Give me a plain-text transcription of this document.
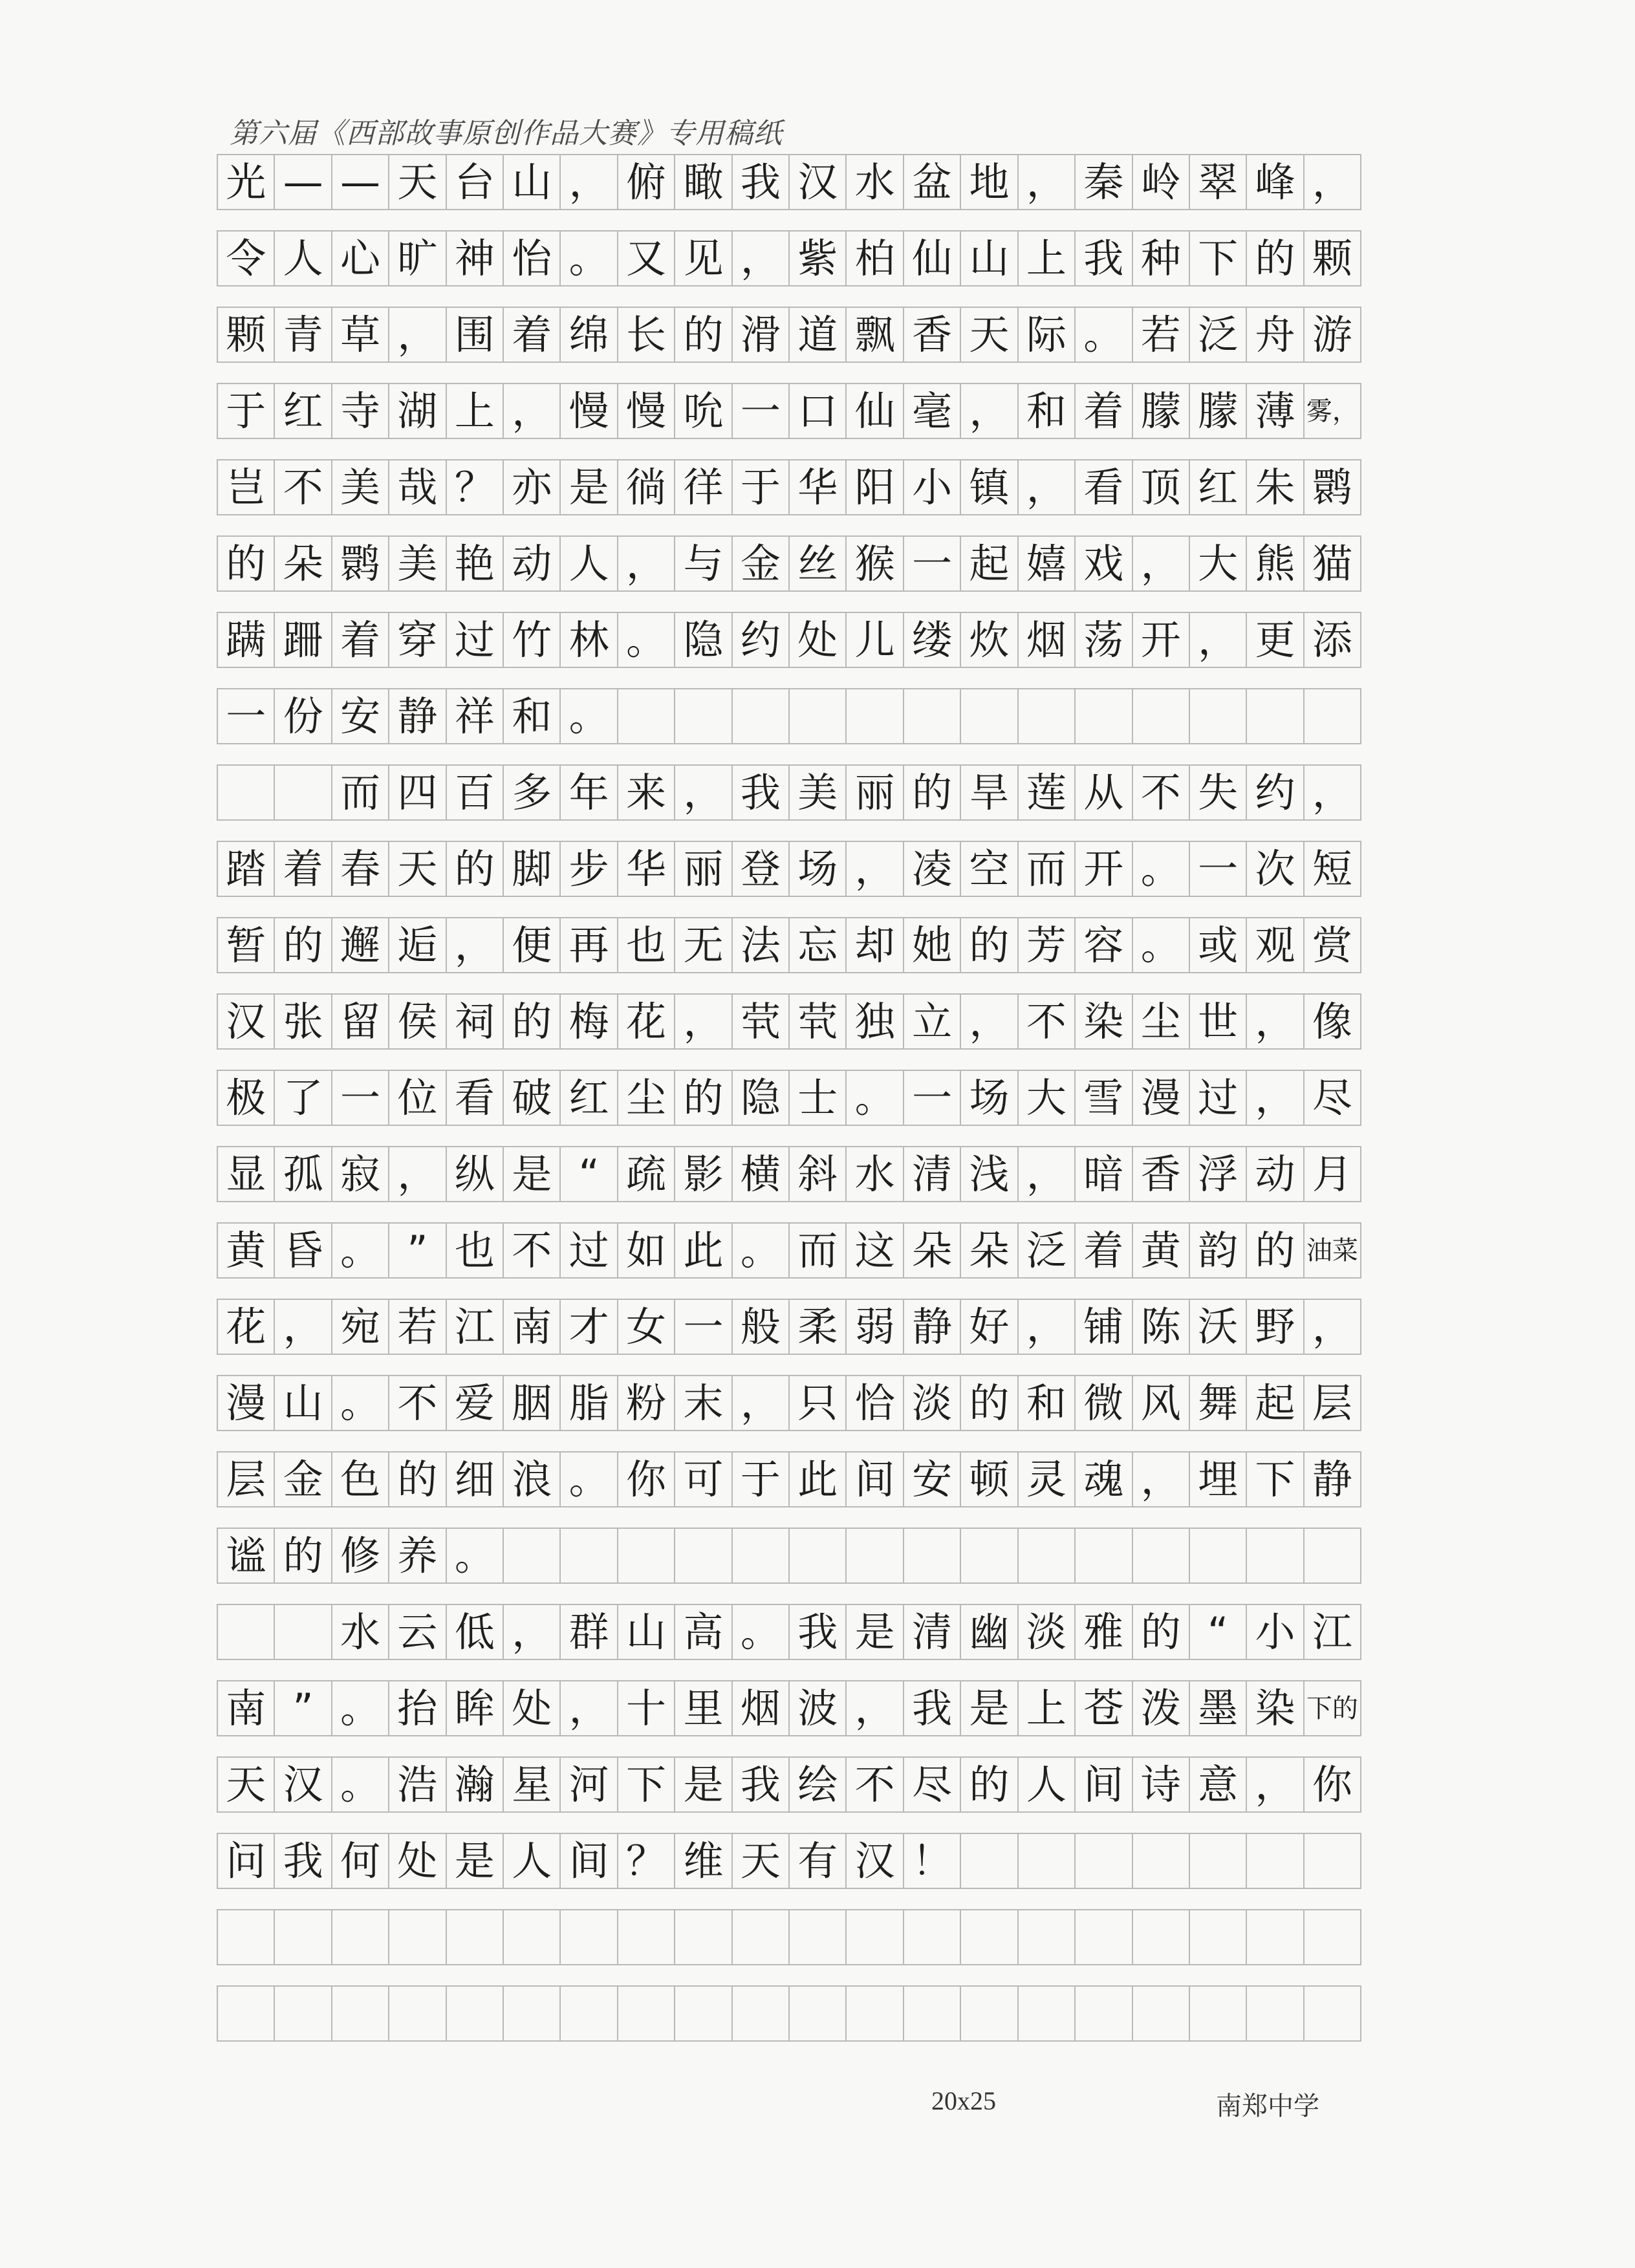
第六届《西部故事原创作品大赛》专用稿纸
光 — — 天 台 山 ， 俯 瞰 我 汉 水 盆 地 ， 秦 岭 翠 峰 ，
令 人 心 旷 神 怡 。 又 见 ， 紫 柏 仙 山 上 我 种 下 的 颗
颗 青 草 ， 围 着 绵 长 的 滑 道 飘 香 天 际 。 若 泛 舟 游
于 红 寺 湖 上 ， 慢 慢 吮 一 口 仙 毫 ， 和 着 朦 朦 薄 雾，
岂 不 美 哉 ？ 亦 是 徜 徉 于 华 阳 小 镇 ， 看 顶 红 朱 鹮
的 朵 鹮 美 艳 动 人 ， 与 金 丝 猴 一 起 嬉 戏 ， 大 熊 猫
蹒 跚 着 穿 过 竹 林 。 隐 约 处 儿 缕 炊 烟 荡 开 ， 更 添
一 份 安 静 祥 和 。

而 四 百 多 年 来 ， 我 美 丽 的 旱 莲 从 不 失 约 ，
踏 着 春 天 的 脚 步 华 丽 登 场 ， 凌 空 而 开 。 一 次 短
暂 的 邂 逅 ， 便 再 也 无 法 忘 却 她 的 芳 容 。 或 观 赏
汉 张 留 侯 祠 的 梅 花 ， 茕 茕 独 立 ， 不 染 尘 世 ， 像
极 了 一 位 看 破 红 尘 的 隐 士 。 一 场 大 雪 漫 过 ， 尽
显 孤 寂 ， 纵 是 “ 疏 影 横 斜 水 清 浅 ， 暗 香 浮 动 月
黄 昏 。 ” 也 不 过 如 此 。 而 这 朵 朵 泛 着 黄 韵 的 油菜
花 ， 宛 若 江 南 才 女 一 般 柔 弱 静 好 ， 铺 陈 沃 野 ，
漫 山 。 不 爱 胭 脂 粉 末 ， 只 恰 淡 的 和 微 风 舞 起 层
层 金 色 的 细 浪 。 你 可 于 此 间 安 顿 灵 魂 ， 埋 下 静
谧 的 修 养 。

水 云 低 ， 群 山 高 。 我 是 清 幽 淡 雅 的 “ 小 江
南 ” 。 抬 眸 处 ， 十 里 烟 波 ， 我 是 上 苍 泼 墨 染 下的
天 汉 。 浩 瀚 星 河 下 是 我 绘 不 尽 的 人 间 诗 意 ， 你
问 我 何 处 是 人 间 ？ 维 天 有 汉 ！
20x25	南郑中学
